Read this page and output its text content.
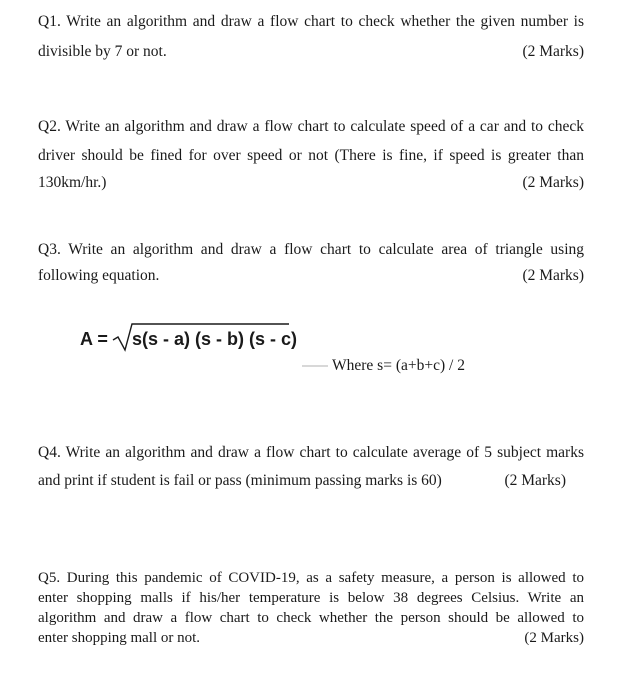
Q1. Write an algorithm and draw a flow chart to check whether the given number is
divisible by 7 or not.	(2 Marks)
Q2. Write an algorithm and draw a flow chart to calculate speed of a car and to check
driver should be fined for over speed or not (There is fine, if speed is greater than
130km/hr.)	(2 Marks)
Q3. Write an algorithm and draw a flow chart to calculate area of triangle using
following equation.	(2 Marks)
A = s(s - a) (s - b) (s - c)
Where s= (a+b+c) / 2
Q4. Write an algorithm and draw a flow chart to calculate average of 5 subject marks
and print if student is fail or pass (minimum passing marks is 60)	(2 Marks)
Q5. During this pandemic of COVID-19, as a safety measure, a person is allowed to
enter shopping malls if his/her temperature is below 38 degrees Celsius. Write an
algorithm and draw a flow chart to check whether the person should be allowed to
enter shopping mall or not.	(2 Marks)
